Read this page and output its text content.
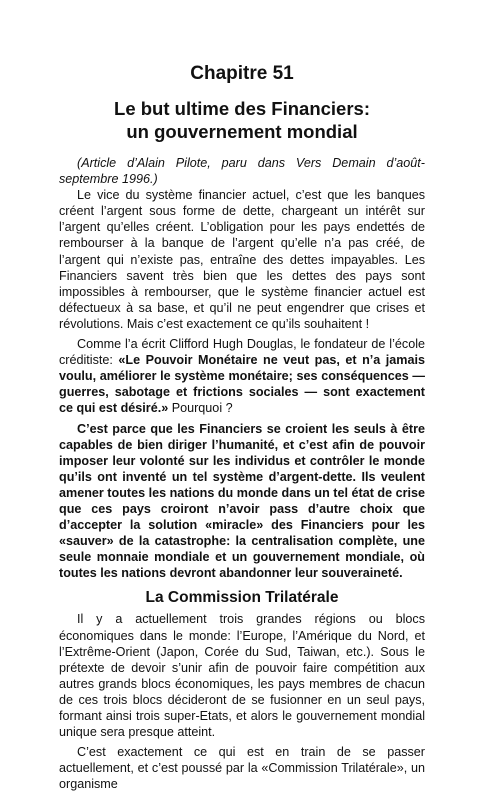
Chapitre 51
Le but ultime des Financiers:
un gouvernement mondial

(Article d’Alain Pilote, paru dans Vers Demain d’août-septembre 1996.)

Le vice du système financier actuel, c’est que les banques créent l’argent sous forme de dette, chargeant un intérêt sur l’argent qu’elles créent. L’obligation pour les pays endettés de rembourser à la banque de l’argent qu’elle n’a pas créé, de l’argent qui n’existe pas, entraîne des dettes impayables. Les Financiers savent très bien que les dettes des pays sont impossibles à rembourser, que le système financier actuel est défectueux à sa base, et qu’il ne peut engendrer que crises et révolutions. Mais c’est exactement ce qu’ils souhaitent !

Comme l’a écrit Clifford Hugh Douglas, le fondateur de l’école créditiste: «Le Pouvoir Monétaire ne veut pas, et n’a jamais voulu, améliorer le système monétaire; ses conséquences — guerres, sabotage et frictions sociales — sont exactement ce qui est désiré.» Pourquoi ?

C’est parce que les Financiers se croient les seuls à être capables de bien diriger l’humanité, et c’est afin de pouvoir imposer leur volonté sur les individus et contrôler le monde qu’ils ont inventé un tel système d’argent-dette. Ils veulent amener toutes les nations du monde dans un tel état de crise que ces pays croiront n’avoir pass d’autre choix que d’accepter la solution «miracle» des Financiers pour les «sauver» de la catastrophe: la centralisation complète, une seule monnaie mondiale et un gouvernement mondiale, où toutes les nations devront abandonner leur souveraineté.

La Commission Trilatérale

Il y a actuellement trois grandes régions ou blocs économiques dans le monde: l’Europe, l’Amérique du Nord, et l’Extrême-Orient (Japon, Corée du Sud, Taiwan, etc.). Sous le prétexte de devoir s’unir afin de pouvoir faire compétition aux autres grands blocs économiques, les pays membres de chacun de ces trois blocs décideront de se fusionner en un seul pays, formant ainsi trois super-Etats, et alors le gouvernement mondial unique sera presque atteint.

C’est exactement ce qui est en train de se passer actuellement, et c’est poussé par la «Commission Trilatérale», un organisme
